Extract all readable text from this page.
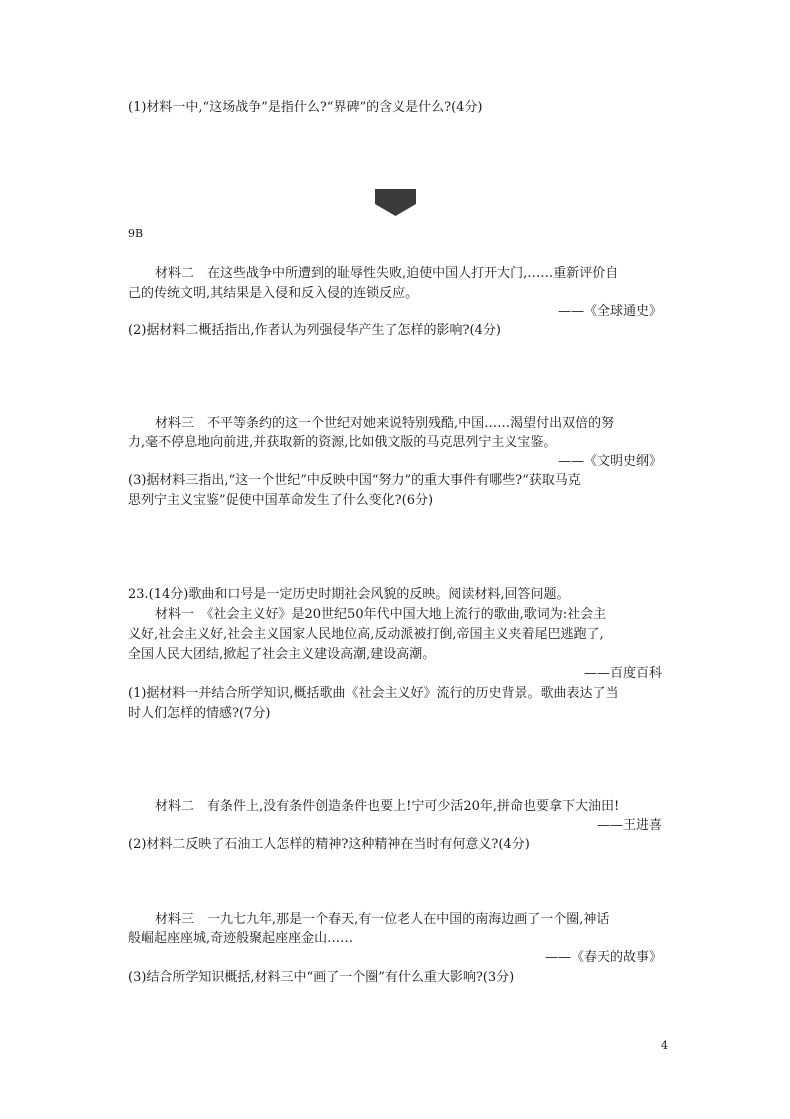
(1)材料一中,“这场战争”是指什么?“界碑”的含义是什么?(4分)
9B
材料二　在这些战争中所遭到的耻辱性失败,迫使中国人打开大门,……重新评价自
己的传统文明,其结果是入侵和反入侵的连锁反应。
——《全球通史》
(2)据材料二概括指出,作者认为列强侵华产生了怎样的影响?(4分)
材料三　不平等条约的这一个世纪对她来说特别残酷,中国……渴望付出双倍的努
力,毫不停息地向前进,并获取新的资源,比如俄文版的马克思列宁主义宝鉴。
——《文明史纲》
(3)据材料三指出,“这一个世纪”中反映中国“努力”的重大事件有哪些?“获取马克
思列宁主义宝鉴”促使中国革命发生了什么变化?(6分)
23.(14分)歌曲和口号是一定历史时期社会风貌的反映。阅读材料,回答问题。
材料一　《社会主义好》是20世纪50年代中国大地上流行的歌曲,歌词为:社会主
义好,社会主义好,社会主义国家人民地位高,反动派被打倒,帝国主义夹着尾巴逃跑了,
全国人民大团结,掀起了社会主义建设高潮,建设高潮。
——百度百科
(1)据材料一并结合所学知识,概括歌曲《社会主义好》流行的历史背景。歌曲表达了当
时人们怎样的情感?(7分)
材料二　有条件上,没有条件创造条件也要上!宁可少活20年,拼命也要拿下大油田!
——王进喜
(2)材料二反映了石油工人怎样的精神?这种精神在当时有何意义?(4分)
材料三　一九七九年,那是一个春天,有一位老人在中国的南海边画了一个圈,神话
般崛起座座城,奇迹般聚起座座金山……
——《春天的故事》
(3)结合所学知识概括,材料三中“画了一个圈”有什么重大影响?(3分)
4
